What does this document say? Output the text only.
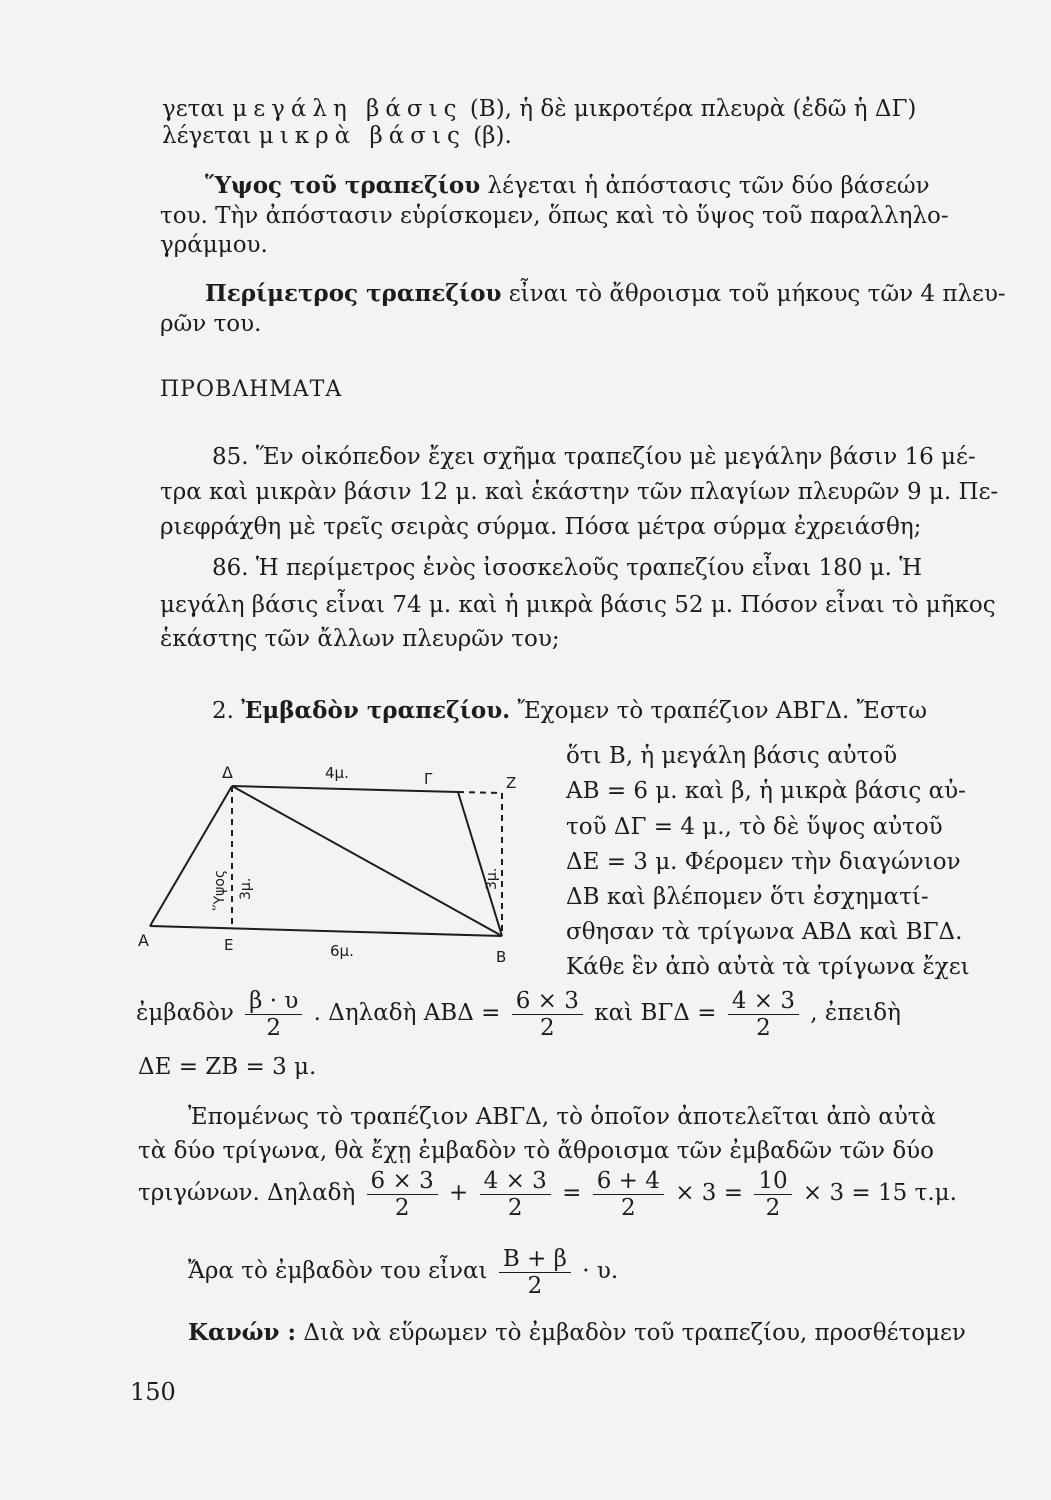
γεται μεγάλη βάσις (Β), ἡ δὲ μικροτέρα πλευρὰ (ἐδῶ ἡ ΔΓ)
λέγεται μικρὰ βάσις (β).
Ὕψος τοῦ τραπεζίου λέγεται ἡ ἀπόστασις τῶν δύο βάσεών
του. Τὴν ἀπόστασιν εὑρίσκομεν, ὅπως καὶ τὸ ὕψος τοῦ παραλληλο-
γράμμου.
Περίμετρος τραπεζίου εἶναι τὸ ἄθροισμα τοῦ μήκους τῶν 4 πλευ-
ρῶν του.
ΠΡΟΒΛΗΜΑΤΑ
85. Ἕν οἰκόπεδον ἔχει σχῆμα τραπεζίου μὲ μεγάλην βάσιν 16 μέ-
τρα καὶ μικρὰν βάσιν 12 μ. καὶ ἑκάστην τῶν πλαγίων πλευρῶν 9 μ. Πε-
ριεφράχθη μὲ τρεῖς σειρὰς σύρμα. Πόσα μέτρα σύρμα ἐχρειάσθη;
86. Ἡ περίμετρος ἑνὸς ἰσοσκελοῦς τραπεζίου εἶναι 180 μ. Ἡ
μεγάλη βάσις εἶναι 74 μ. καὶ ἡ μικρὰ βάσις 52 μ. Πόσον εἶναι τὸ μῆκος
ἑκάστης τῶν ἄλλων πλευρῶν του;
2. Ἐμβαδὸν τραπεζίου. Ἔχομεν τὸ τραπέζιον ΑΒΓΔ. Ἔστω
ὅτι Β, ἡ μεγάλη βάσις αὐτοῦ
ΑΒ = 6 μ. καὶ β, ἡ μικρὰ βάσις αὐ-
τοῦ ΔΓ = 4 μ., τὸ δὲ ὕψος αὐτοῦ
ΔΕ = 3 μ. Φέρομεν τὴν διαγώνιον
ΔΒ καὶ βλέπομεν ὅτι ἐσχηματί-
σθησαν τὰ τρίγωνα ΑΒΔ καὶ ΒΓΔ.
Κάθε ἓν ἀπὸ αὐτὰ τὰ τρίγωνα ἔχει
Δ	4μ.	Γ	Ζ
Ὕψος 3μ.	3μ.
Α	Ε	6μ.	Β
ἐμβαδὸν $\frac{\beta \cdot \upsilon}{2}$ . Δηλαδὴ $AB\Delta = \frac{6 \times 3}{2}$ καὶ $B\Gamma\Delta = \frac{4 \times 3}{2}$ , ἐπειδὴ
ΔΕ = ΖΒ = 3 μ.
Ἐπομένως τὸ τραπέζιον ΑΒΓΔ, τὸ ὁποῖον ἀποτελεῖται ἀπὸ αὐτὰ
τὰ δύο τρίγωνα, θὰ ἔχῃ ἐμβαδὸν τὸ ἄθροισμα τῶν ἐμβαδῶν τῶν δύο
τριγώνων. Δηλαδὴ $\frac{6 \times 3}{2} + \frac{4 \times 3}{2} = \frac{6 + 4}{2} \times 3 = \frac{10}{2} \times 3 = 15$ τ.μ.
Ἄρα τὸ ἐμβαδὸν του εἶναι $\frac{B + \beta}{2} \cdot \upsilon$.
Κανών : Διὰ νὰ εὕρωμεν τὸ ἐμβαδὸν τοῦ τραπεζίου, προσθέτομεν
150
